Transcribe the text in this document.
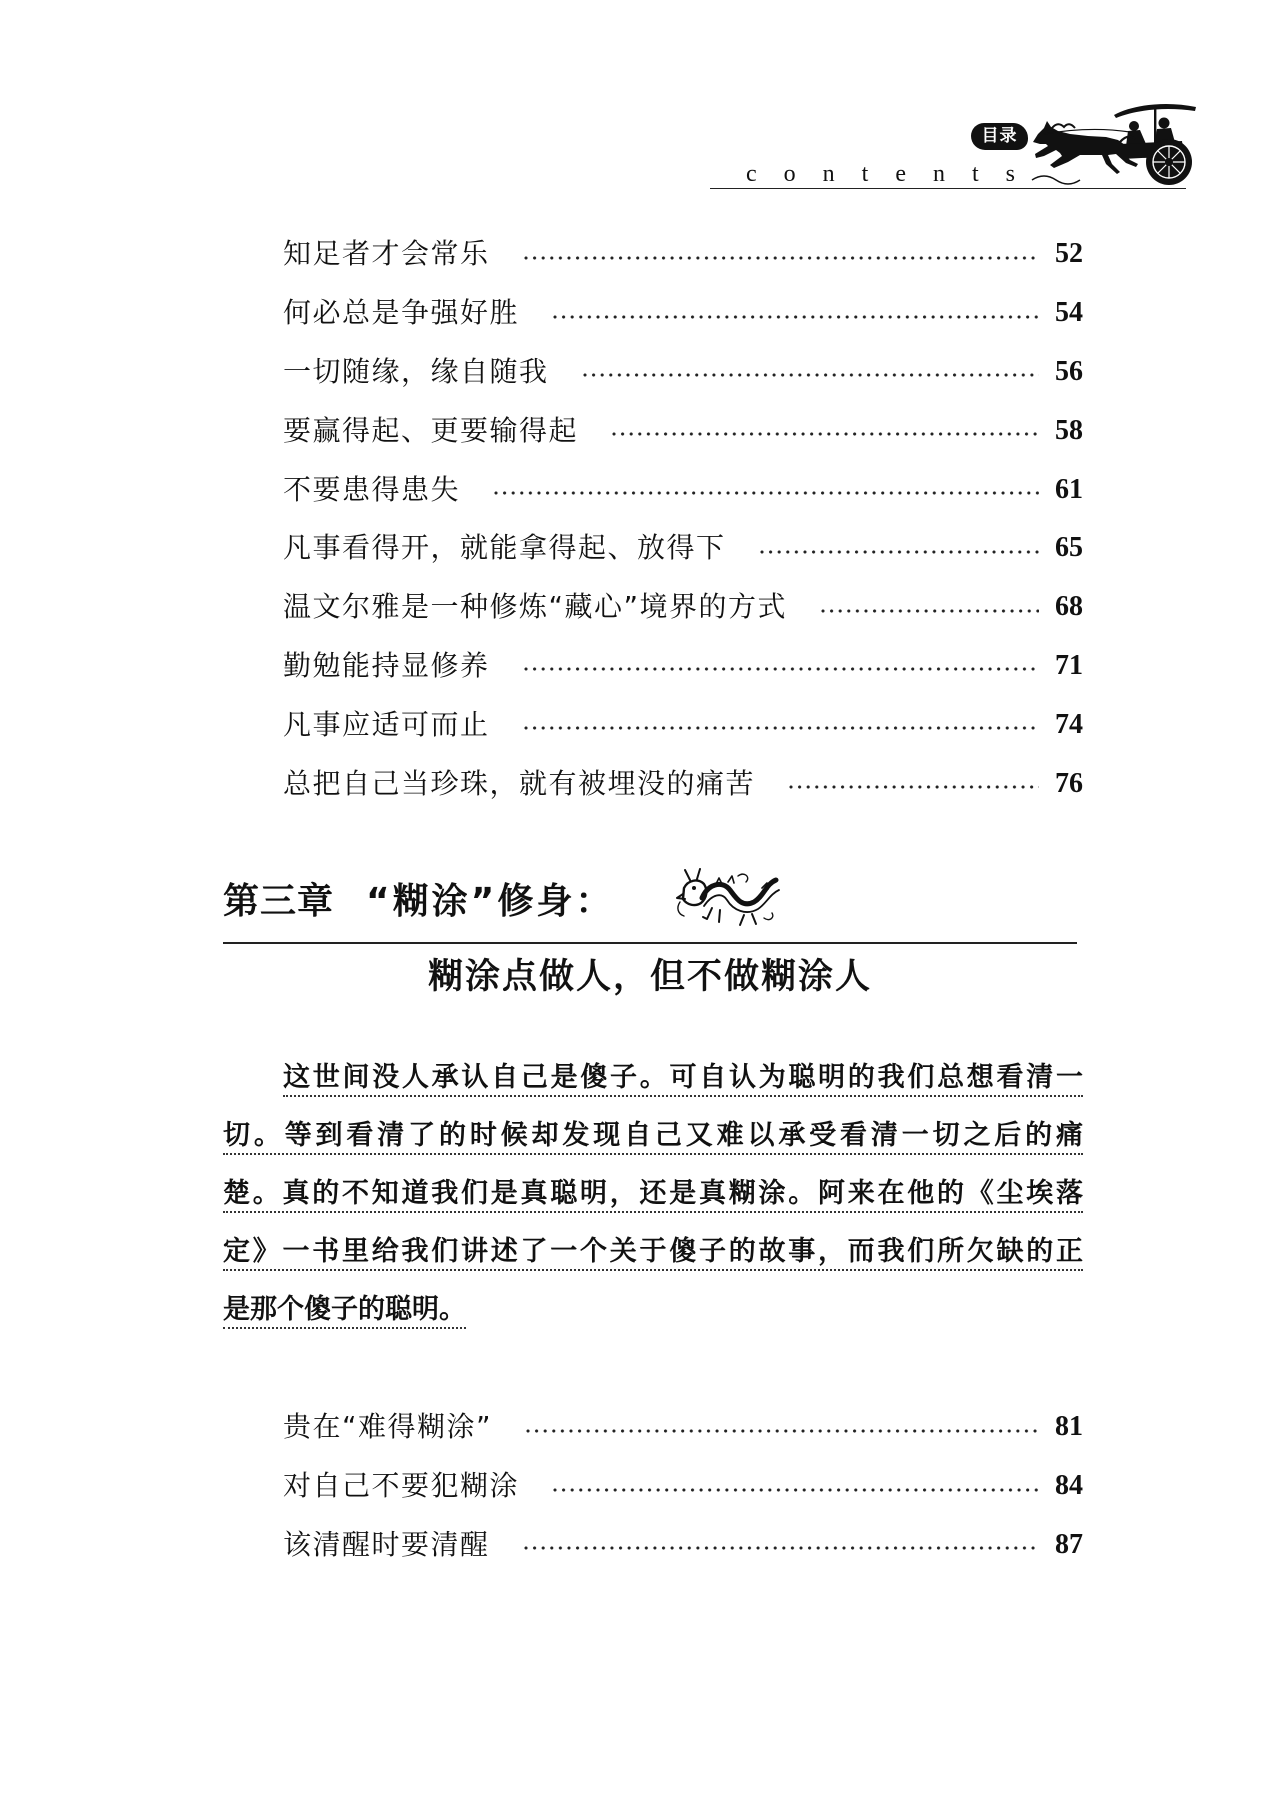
目录
contents
知足者才会常乐	52
何必总是争强好胜	54
一切随缘，缘自随我	56
要赢得起、更要输得起	58
不要患得患失	61
凡事看得开，就能拿得起、放得下	65
温文尔雅是一种修炼“藏心”境界的方式	68
勤勉能持显修养	71
凡事应适可而止	74
总把自己当珍珠，就有被埋没的痛苦	76
第三章 “糊涂”修身：
糊涂点做人，但不做糊涂人
这世间没人承认自己是傻子。可自认为聪明的我们总想看清一
切。等到看清了的时候却发现自己又难以承受看清一切之后的痛
楚。真的不知道我们是真聪明，还是真糊涂。阿来在他的《尘埃落
定》一书里给我们讲述了一个关于傻子的故事，而我们所欠缺的正
是那个傻子的聪明。
贵在“难得糊涂”	81
对自己不要犯糊涂	84
该清醒时要清醒	87
